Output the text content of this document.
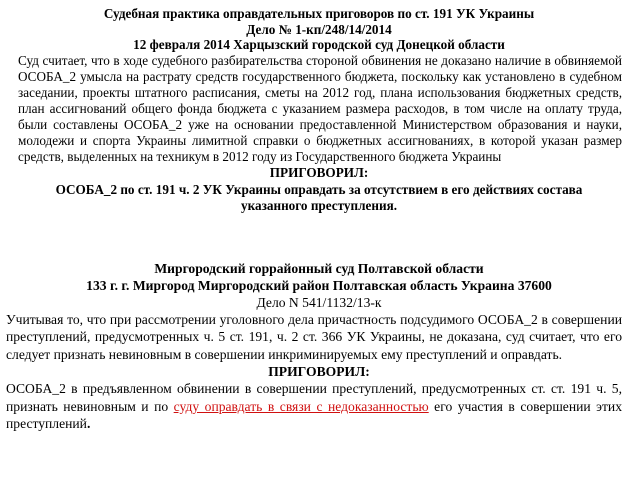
Судебная практика оправдательных приговоров по ст. 191 УК Украины
Дело № 1-кп/248/14/2014
12 февраля 2014 Харцызский городской суд Донецкой области
Суд считает, что в ходе судебного разбирательства стороной обвинения не доказано наличие в обвиняемой ОСОБА_2 умысла на растрату средств государственного бюджета, поскольку как установлено в судебном заседании, проекты штатного расписания, сметы на 2012 год, плана использования бюджетных средств, план ассигнований общего фонда бюджета с указанием размера расходов, в том числе на оплату труда, были составлены ОСОБА_2 уже на основании предоставленной Министерством образования и науки, молодежи и спорта Украины лимитной справки о бюджетных ассигнованиях, в которой указан размер средств, выделенных на техникум в 2012 году из Государственного бюджета Украины
ПРИГОВОРИЛ:
ОСОБА_2 по ст. 191 ч. 2 УК Украины оправдать за отсутствием в его действиях состава
указанного преступления.
Миргородский горрайонный суд Полтавской области
133 г. г. Миргород Миргородский район Полтавская область Украина 37600
Дело N 541/1132/13-к
Учитывая то, что при рассмотрении уголовного дела причастность подсудимого ОСОБА_2 в совершении преступлений, предусмотренных ч. 5 ст. 191, ч. 2 ст. 366 УК Украины, не доказана, суд считает, что его следует признать невиновным в совершении инкриминируемых ему преступлений и оправдать.
ПРИГОВОРИЛ:
ОСОБА_2 в предъявленном обвинении в совершении преступлений, предусмотренных ст. ст. 191 ч. 5, признать невиновным и по суду оправдать в связи с недоказанностью его участия в совершении этих преступлений.
